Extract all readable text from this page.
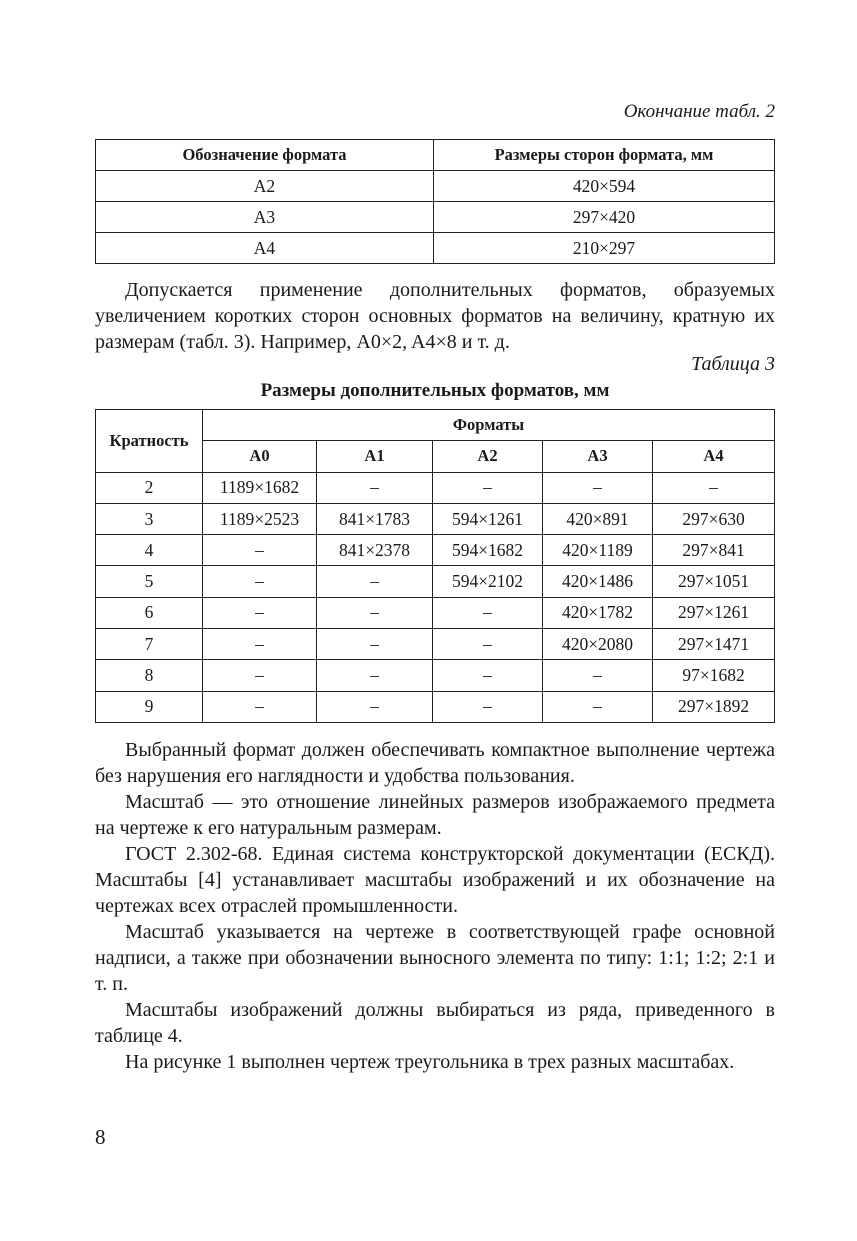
Окончание табл. 2
Обозначение формата	Размеры сторон формата, мм
A2	420×594
A3	297×420
A4	210×297

Допускается применение дополнительных форматов, образуемых увеличением коротких сторон основных форматов на величину, кратную их размерам (табл. 3). Например, A0×2, A4×8 и т. д.

Таблица 3
Размеры дополнительных форматов, мм
Кратность	Форматы				
	A0	A1	A2	A3	A4
2	1189×1682	–	–	–	–
3	1189×2523	841×1783	594×1261	420×891	297×630
4	–	841×2378	594×1682	420×1189	297×841
5	–	–	594×2102	420×1486	297×1051
6	–	–	–	420×1782	297×1261
7	–	–	–	420×2080	297×1471
8	–	–	–	–	97×1682
9	–	–	–	–	297×1892

Выбранный формат должен обеспечивать компактное выполнение чертежа без нарушения его наглядности и удобства пользования.

Масштаб — это отношение линейных размеров изображаемого предмета на чертеже к его натуральным размерам.

ГОСТ 2.302-68. Единая система конструкторской документации (ЕСКД). Масштабы [4] устанавливает масштабы изображений и их обозначение на чертежах всех отраслей промышленности.

Масштаб указывается на чертеже в соответствующей графе основной надписи, а также при обозначении выносного элемента по типу: 1:1; 1:2; 2:1 и т. п.

Масштабы изображений должны выбираться из ряда, приведенного в таблице 4.

На рисунке 1 выполнен чертеж треугольника в трех разных масштабах.

8
